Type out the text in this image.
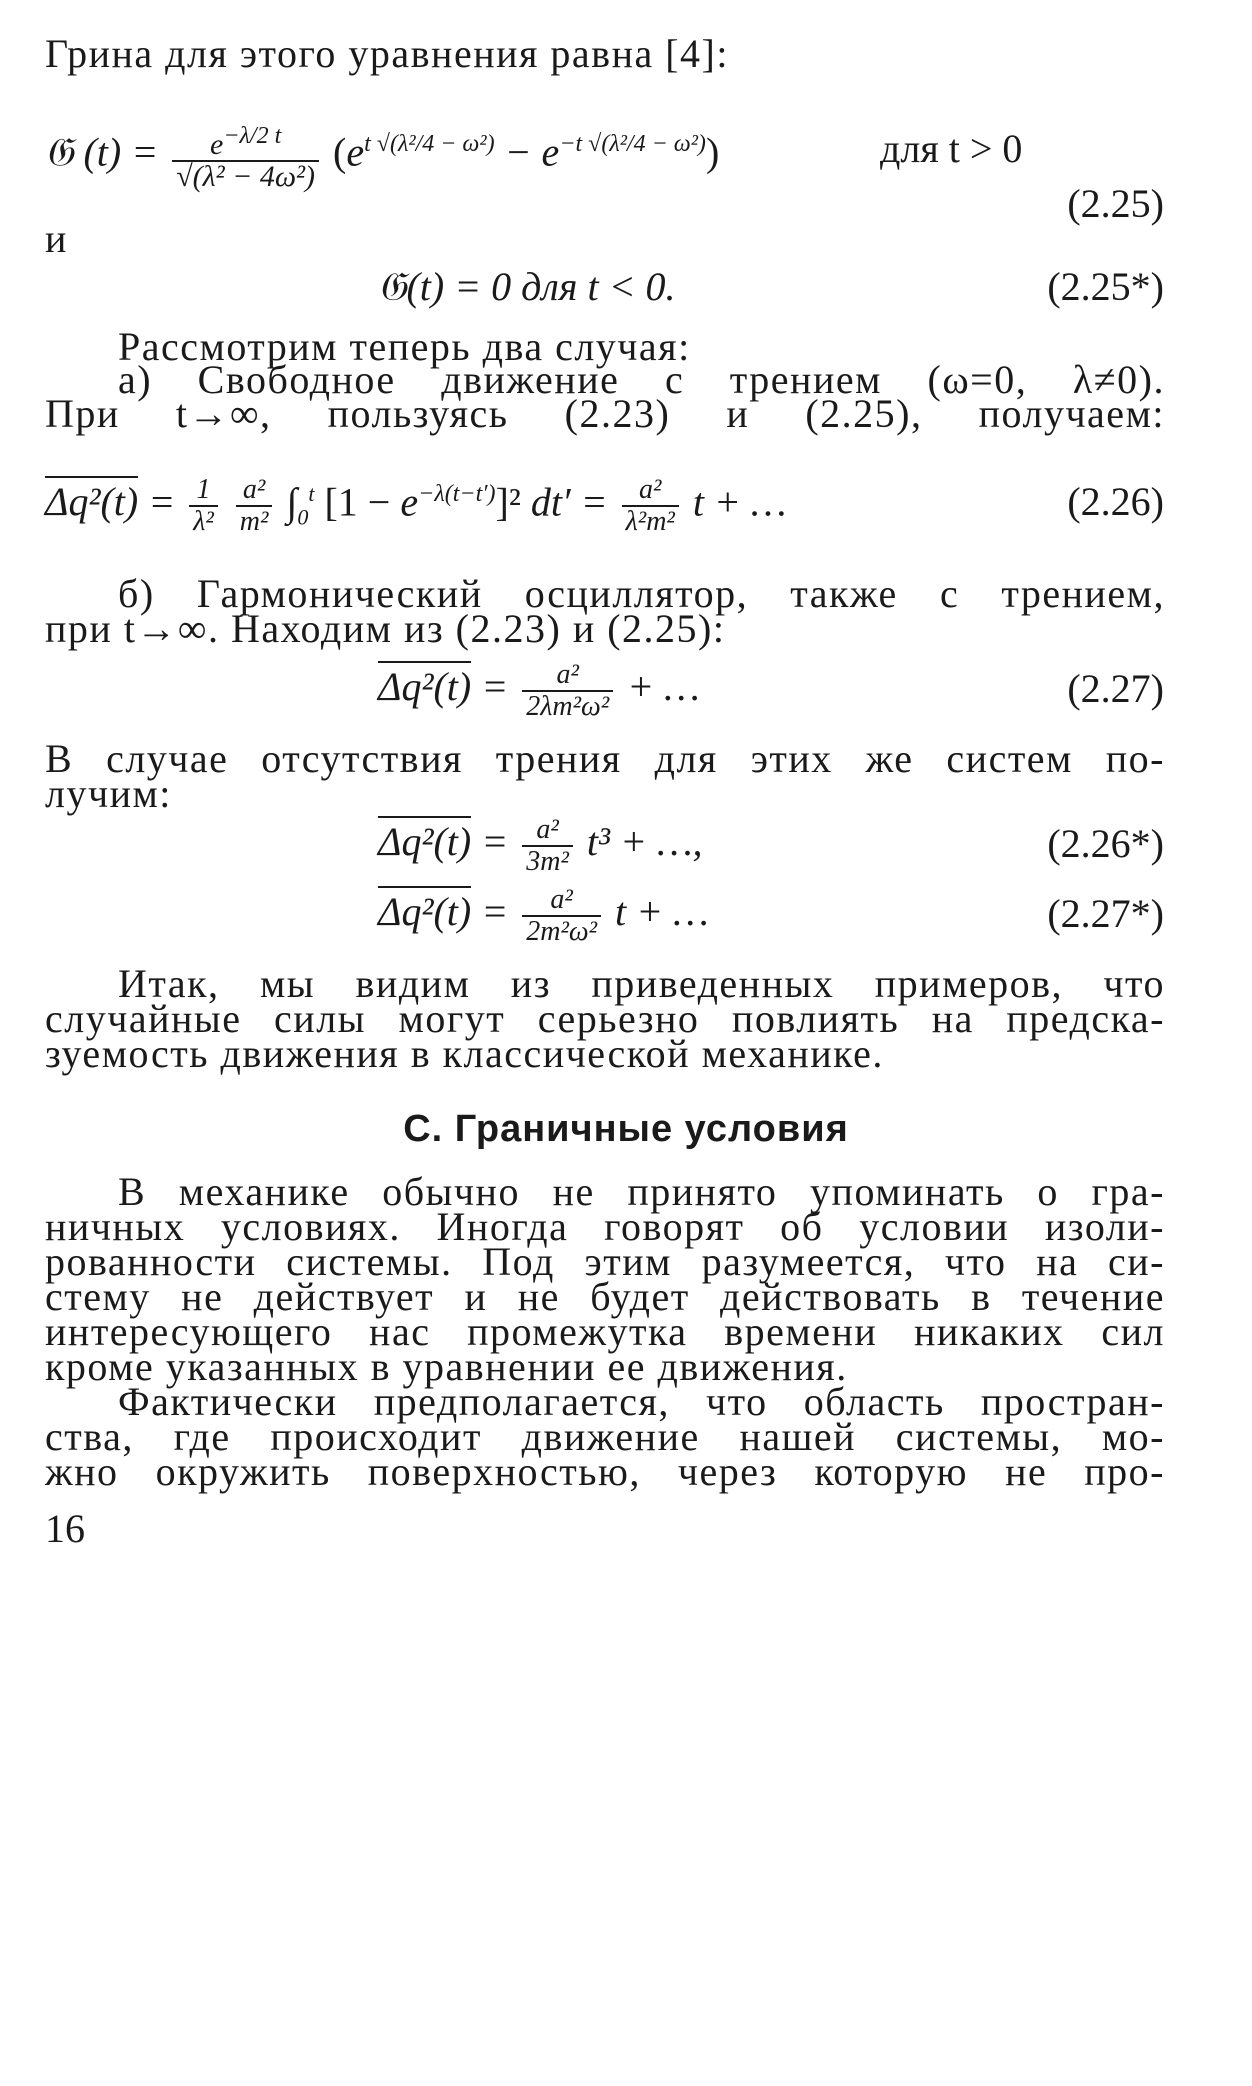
Грина для этого уравнения равна [4]:
𝔊 $(t) = \frac{e^{-\lambda/2 t}}{\text{√(λ² − 4ω²)}} (e^{t √(\lambda^2/4 - \omega^2)} - e^{-t √(\lambda^2/4 - \omega^2)})$	для t > 0
(2.25)
и
𝔊(t) = 0 для t < 0.	(2.25*)
Рассмотрим теперь два случая:
а) Свободное движение с трением (ω=0, λ≠0).
При t→∞, пользуясь (2.23) и (2.25), получаем:
$\Delta q^2(t) = \frac{1}{\text{λ²}}$
$\frac{\text{a²}}{\text{m²}} \int_0^t$ $[1 - e^{-\lambda(t-t')}]^2$ $dt' = \frac{\text{a²}}{\text{λ²m²}}$ t + …	(2.26)
б) Гармонический осциллятор, также с трением,
при t→∞. Находим из (2.23) и (2.25):
$\Delta q^2(t) = \frac{\text{a²}}{\text{2λm²ω²}}$ + …	(2.27)
В случае отсутствия трения для этих же систем по-
лучим:
$\Delta q^2(t) = \frac{\text{a²}}{\text{3m²}} t^3$ + …,	(2.26*)
$\Delta q^2(t) = \frac{\text{a²}}{\text{2m²ω²}}$ t + …	(2.27*)
Итак, мы видим из приведенных примеров, что
случайные силы могут серьезно повлиять на предска-
зуемость движения в классической механике.
С. Граничные условия
В механике обычно не принято упоминать о гра-
ничных условиях. Иногда говорят об условии изоли-
рованности системы. Под этим разумеется, что на си-
стему не действует и не будет действовать в течение
интересующего нас промежутка времени никаких сил
кроме указанных в уравнении ее движения.
Фактически предполагается, что область простран-
ства, где происходит движение нашей системы, мо-
жно окружить поверхностью, через которую не про-
16
